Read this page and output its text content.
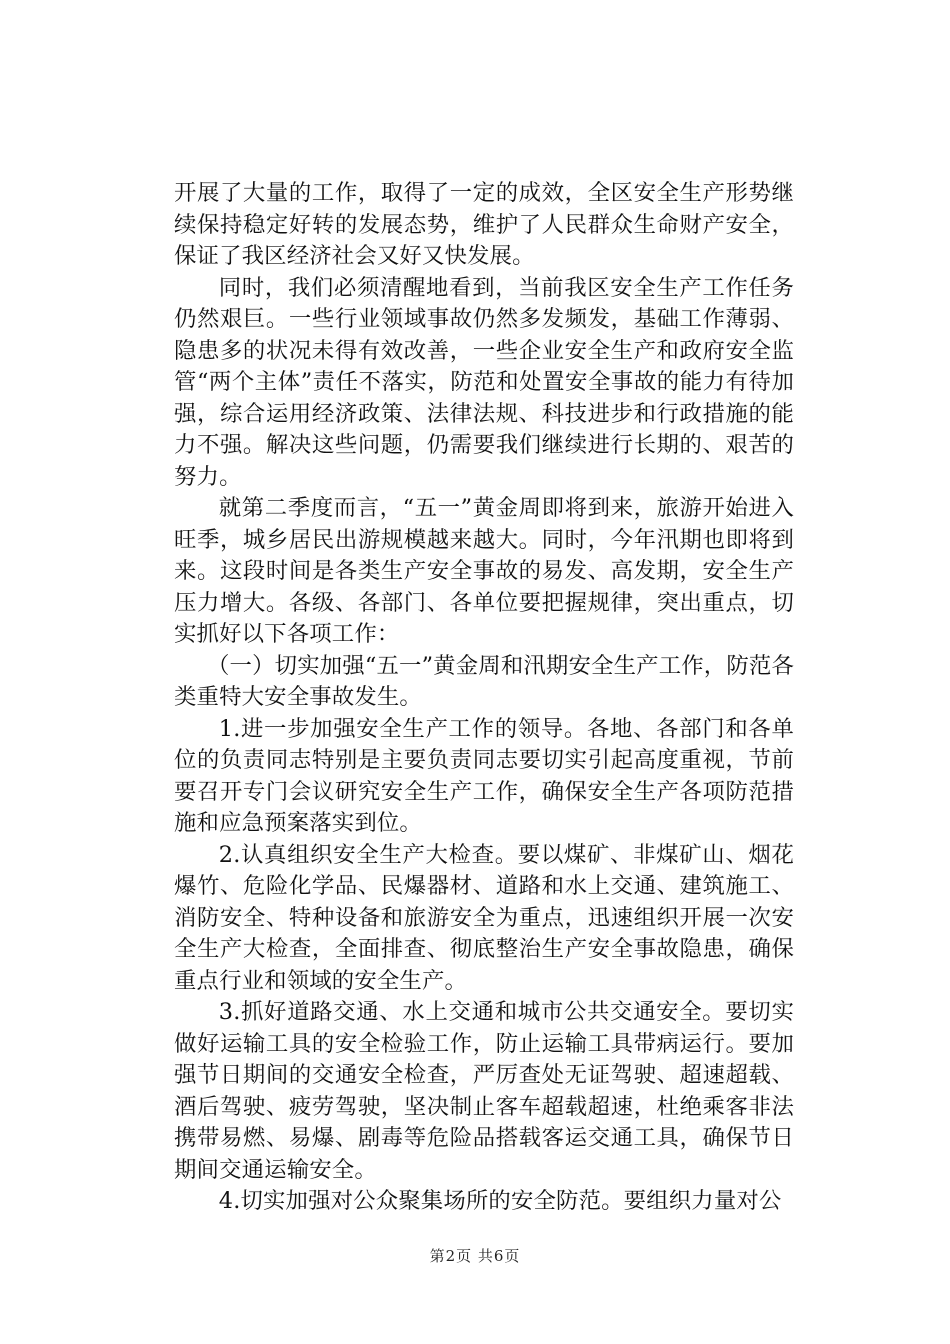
开展了大量的工作，取得了一定的成效，全区安全生产形势继续保持稳定好转的发展态势，维护了人民群众生命财产安全，保证了我区经济社会又好又快发展。

同时，我们必须清醒地看到，当前我区安全生产工作任务仍然艰巨。一些行业领域事故仍然多发频发，基础工作薄弱、隐患多的状况未得有效改善，一些企业安全生产和政府安全监管“两个主体”责任不落实，防范和处置安全事故的能力有待加强，综合运用经济政策、法律法规、科技进步和行政措施的能力不强。解决这些问题，仍需要我们继续进行长期的、艰苦的努力。

就第二季度而言，“五一”黄金周即将到来，旅游开始进入旺季，城乡居民出游规模越来越大。同时，今年汛期也即将到来。这段时间是各类生产安全事故的易发、高发期，安全生产压力增大。各级、各部门、各单位要把握规律，突出重点，切实抓好以下各项工作：

（一）切实加强“五一”黄金周和汛期安全生产工作，防范各类重特大安全事故发生。

1.进一步加强安全生产工作的领导。各地、各部门和各单位的负责同志特别是主要负责同志要切实引起高度重视，节前要召开专门会议研究安全生产工作，确保安全生产各项防范措施和应急预案落实到位。

2.认真组织安全生产大检查。要以煤矿、非煤矿山、烟花爆竹、危险化学品、民爆器材、道路和水上交通、建筑施工、消防安全、特种设备和旅游安全为重点，迅速组织开展一次安全生产大检查，全面排查、彻底整治生产安全事故隐患，确保重点行业和领域的安全生产。

3.抓好道路交通、水上交通和城市公共交通安全。要切实做好运输工具的安全检验工作，防止运输工具带病运行。要加强节日期间的交通安全检查，严厉查处无证驾驶、超速超载、酒后驾驶、疲劳驾驶，坚决制止客车超载超速，杜绝乘客非法携带易燃、易爆、剧毒等危险品搭载客运交通工具，确保节日期间交通运输安全。

4.切实加强对公众聚集场所的安全防范。要组织力量对公

第2页 共6页
